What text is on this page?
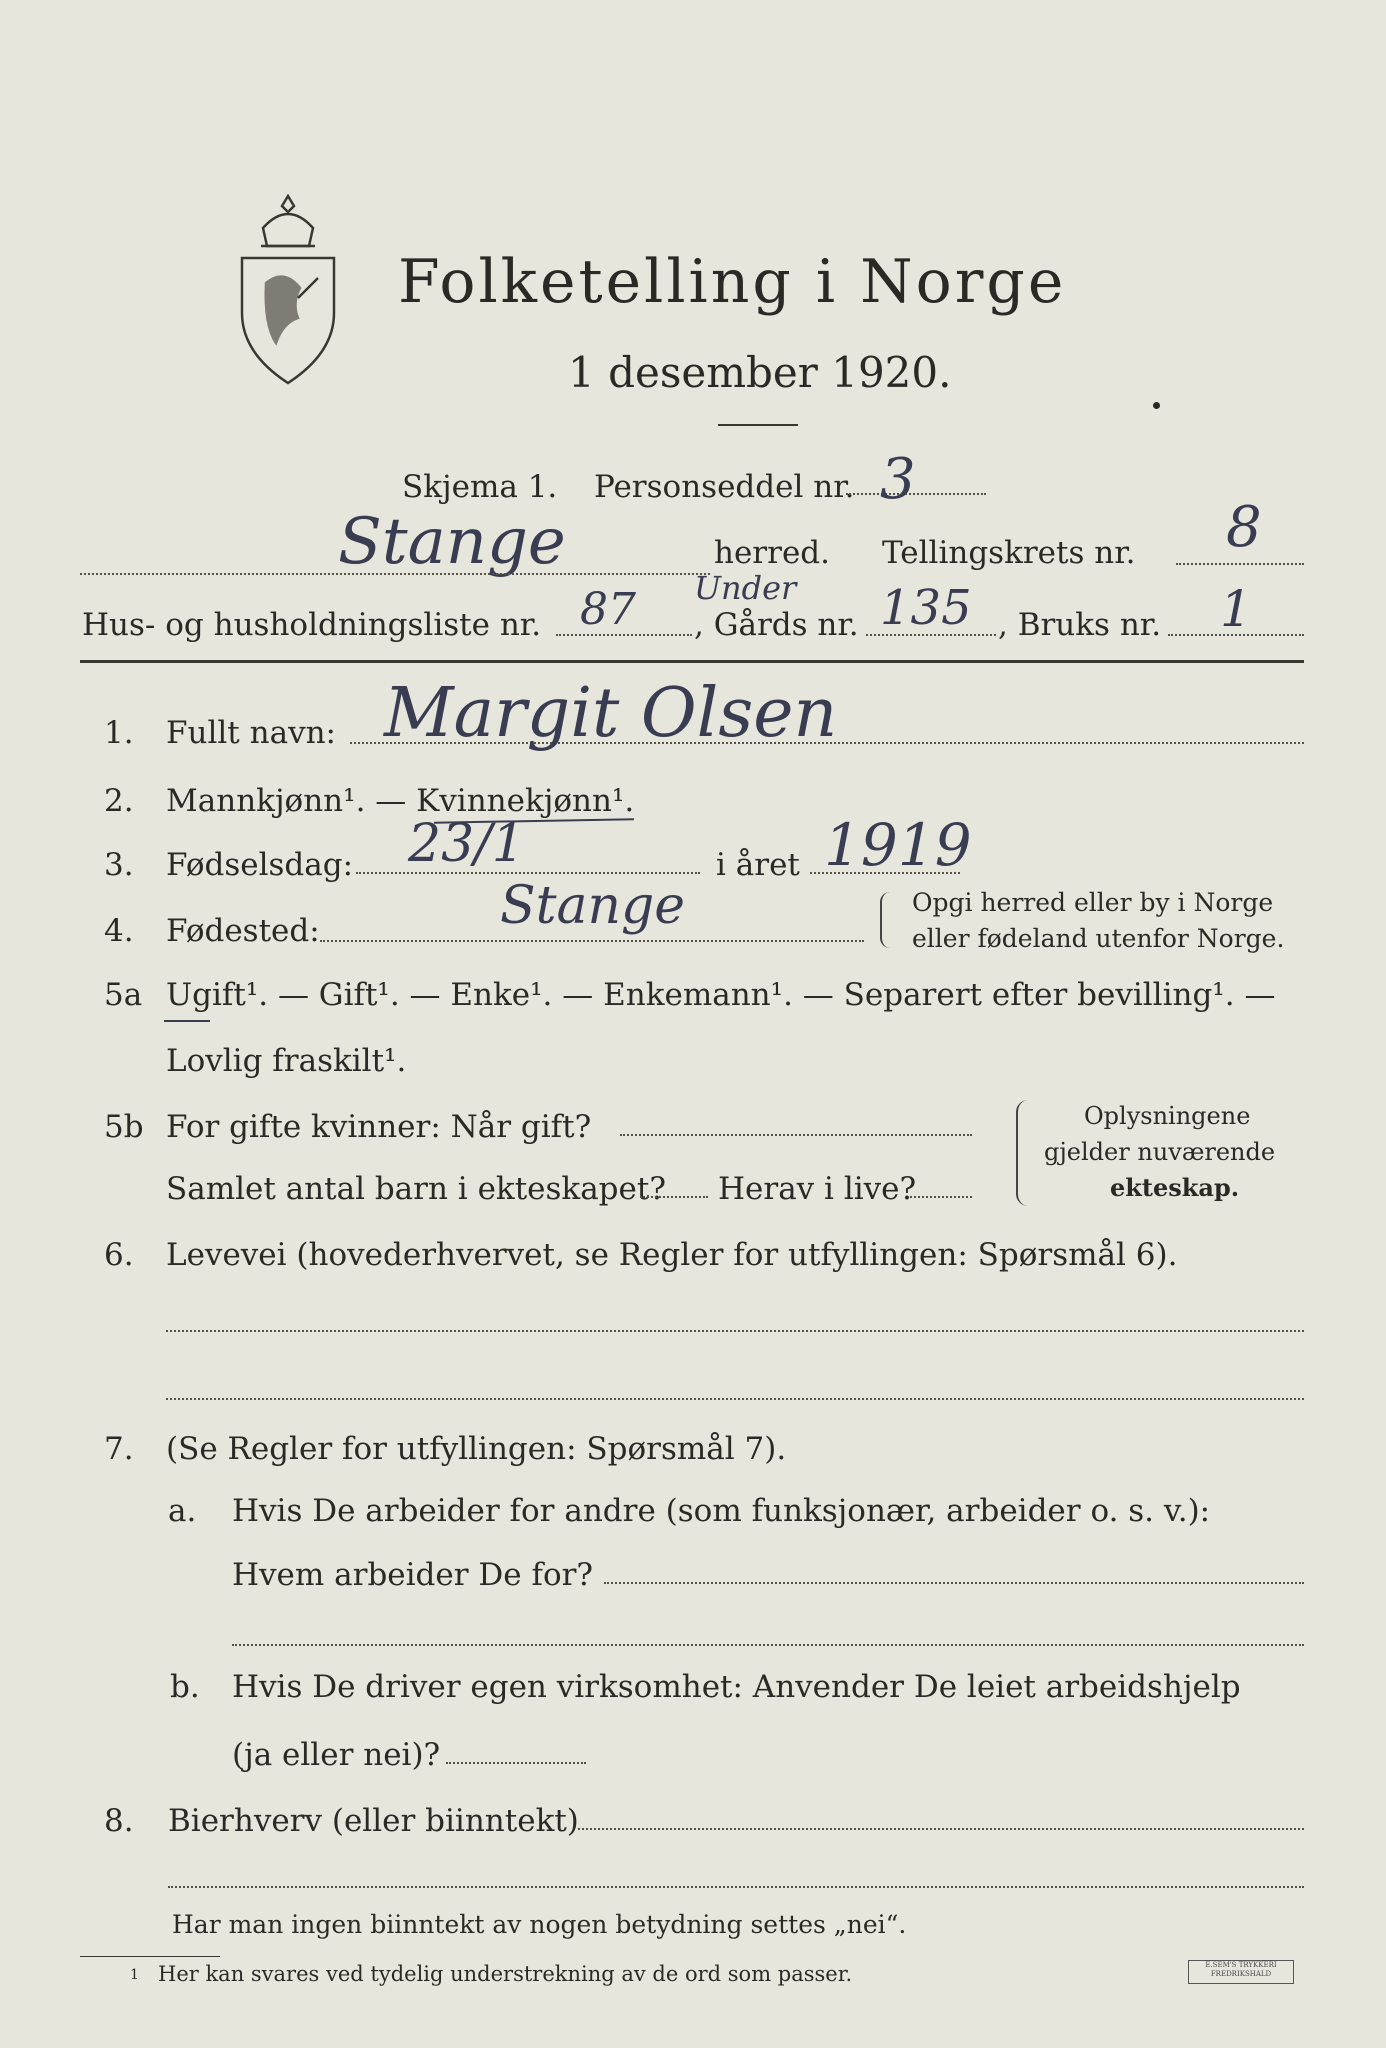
Folketelling i Norge
1 desember 1920.
Skjema 1. Personseddel nr. 3
Stange	herred. Tellingskrets nr. 8
Hus- og husholdningsliste nr. 87 Under
, Gårds nr. 135 , Bruks nr. 1
1. Fullt navn: Margit Olsen
2. Mannkjønn¹. — Kvinnekjønn¹.
3. Fødselsdag: 23/1	i året 1919
4. Fødested:	Stange	Opgi herred eller by i Norge
eller fødeland utenfor Norge.
5a Ugift¹. — Gift¹. — Enke¹. — Enkemann¹. — Separert efter bevilling¹. —
Lovlig fraskilt¹.
5b For gifte kvinner: Når gift?
Samlet antal barn i ekteskapet? Herav i live?
Oplysningene
gjelder nuværende
ekteskap.
6. Levevei (hovederhvervet, se Regler for utfyllingen: Spørsmål 6).
7. (Se Regler for utfyllingen: Spørsmål 7).
a. Hvis De arbeider for andre (som funksjonær, arbeider o. s. v.):
Hvem arbeider De for?
b. Hvis De driver egen virksomhet: Anvender De leiet arbeidshjelp
(ja eller nei)?
8. Bierhverv (eller biinntekt)
Har man ingen biinntekt av nogen betydning settes „nei“.
1 Her kan svares ved tydelig understrekning av de ord som passer.	E.SEM'S TRYKKERI
FREDRIKSHALD
